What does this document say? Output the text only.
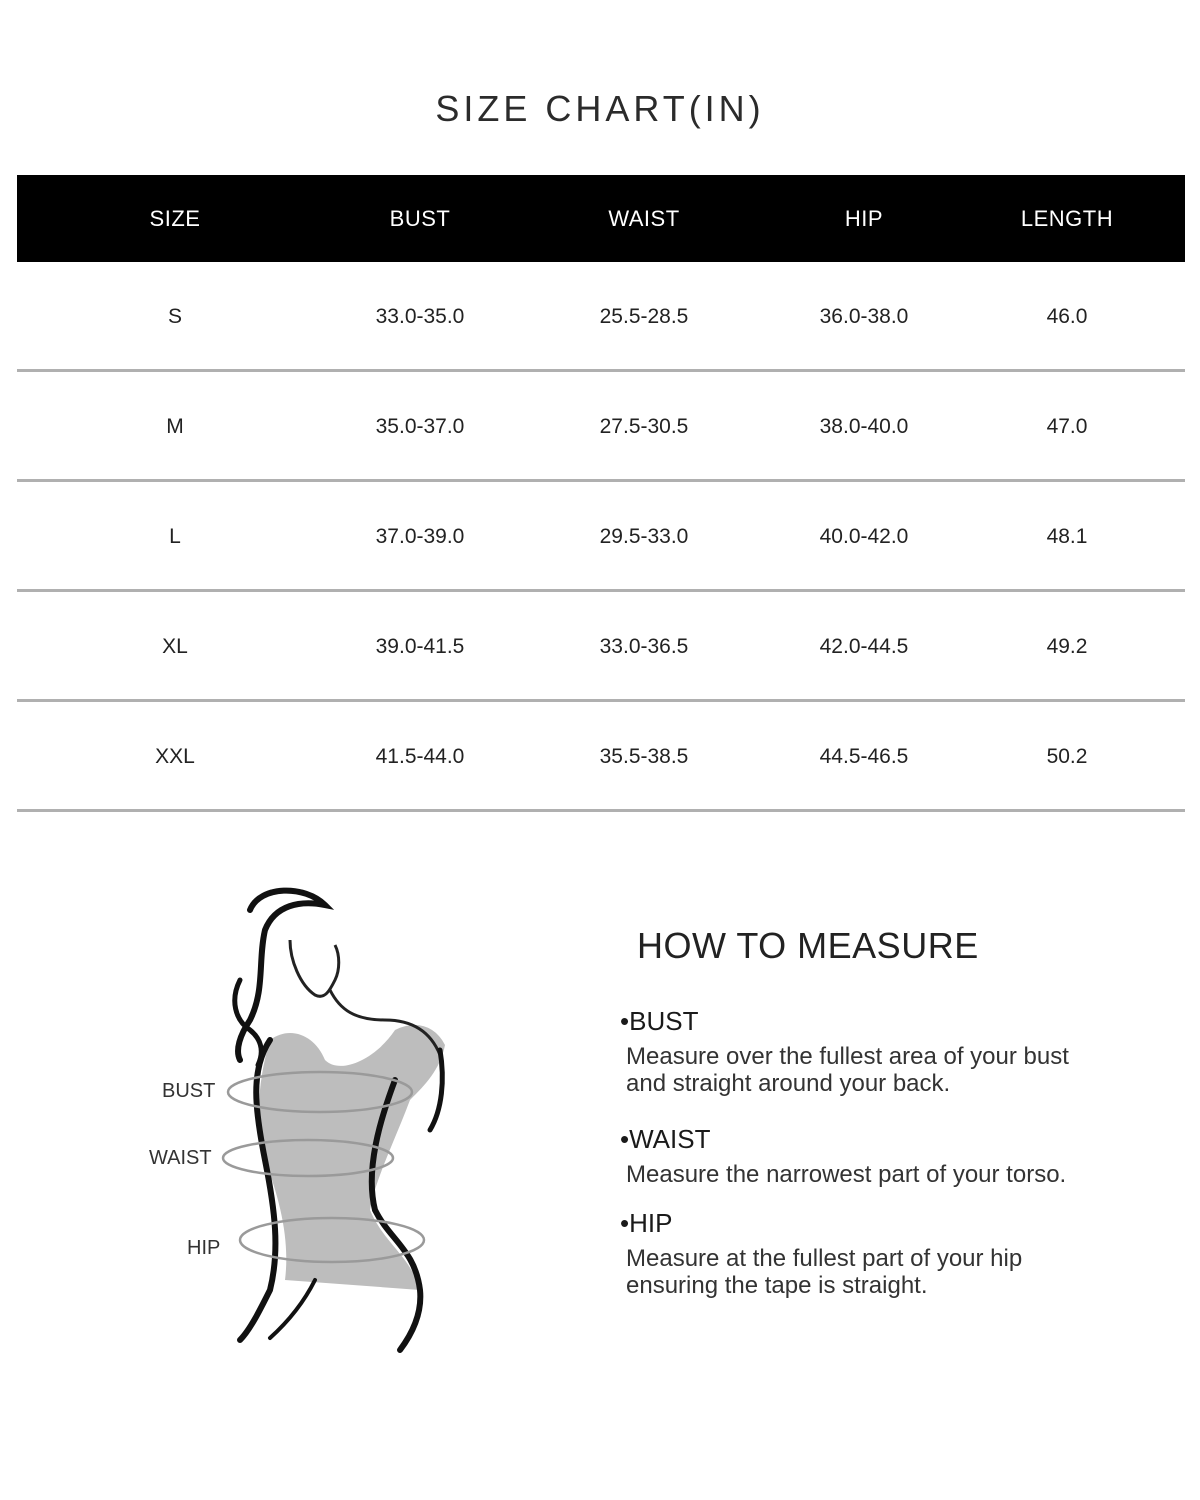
SIZE CHART(IN)
SIZE	BUST	WAIST	HIP	LENGTH
S	33.0-35.0	25.5-28.5	36.0-38.0	46.0
M	35.0-37.0	27.5-30.5	38.0-40.0	47.0
L	37.0-39.0	29.5-33.0	40.0-42.0	48.1
XL	39.0-41.5	33.0-36.5	42.0-44.5	49.2
XXL	41.5-44.0	35.5-38.5	44.5-46.5	50.2
BUST
WAIST
HIP
HOW TO MEASURE
•BUST
Measure over the fullest area of your bust
and straight around your back.
•WAIST
Measure the narrowest part of your torso.
•HIP
Measure at the fullest part of your hip
ensuring the tape is straight.
